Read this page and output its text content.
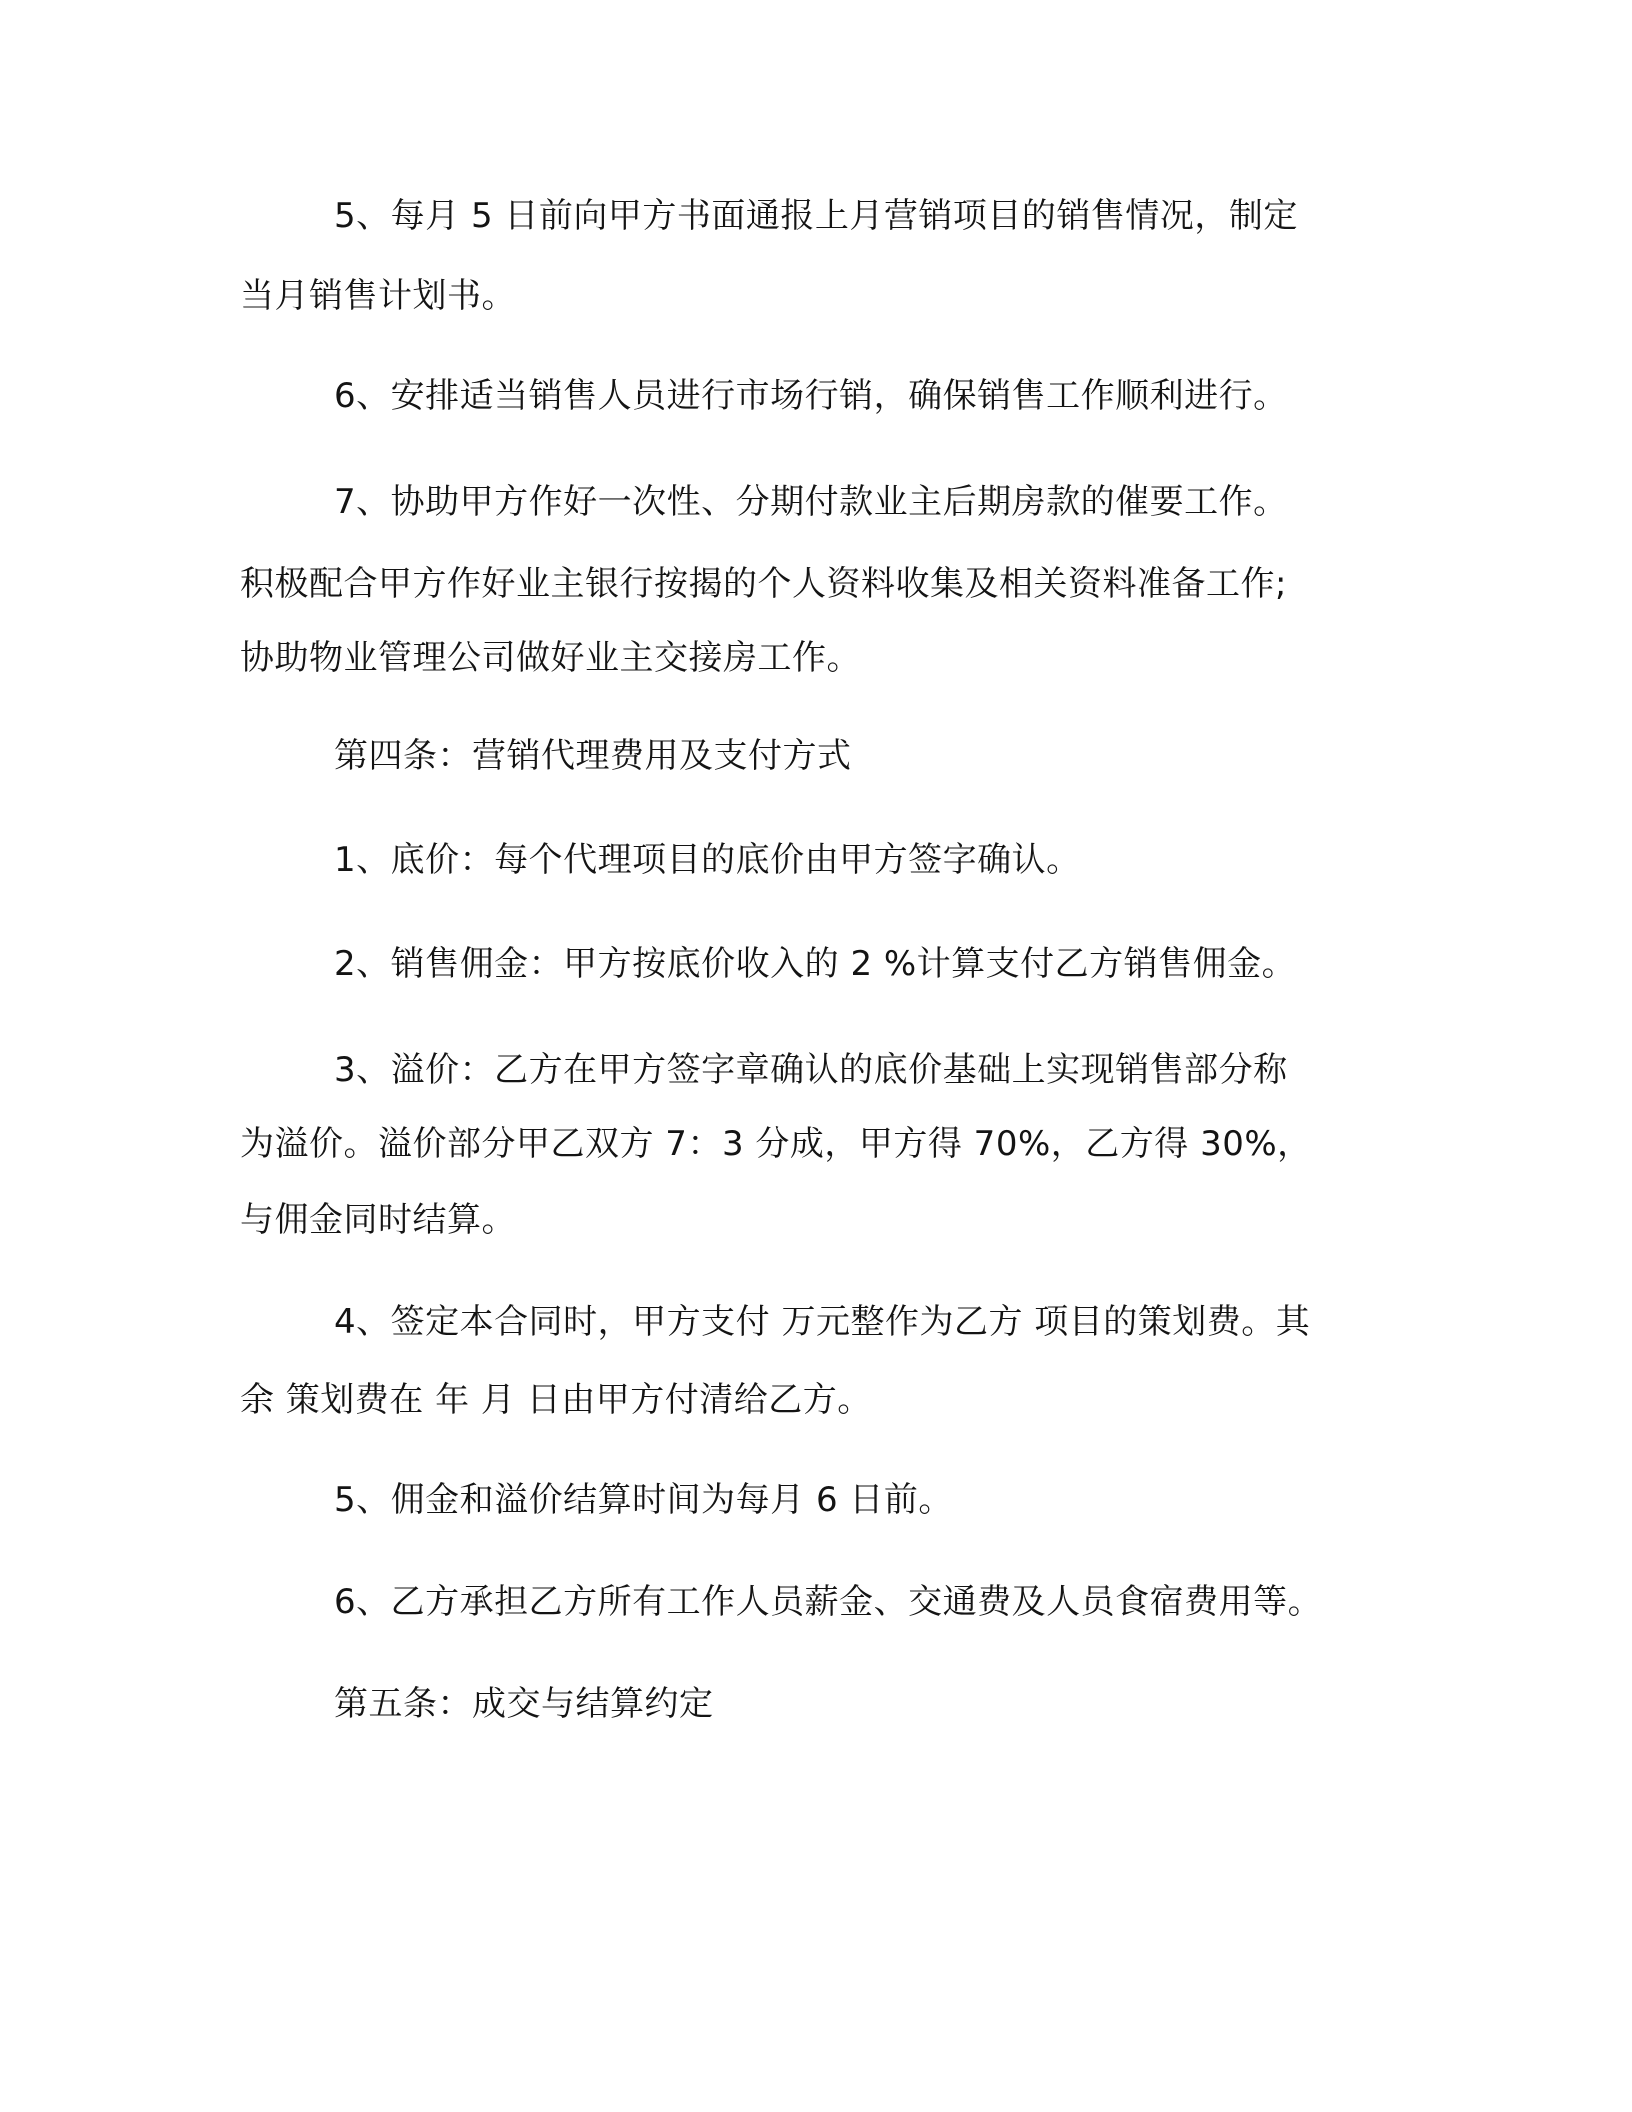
5、每月 5 日前向甲方书面通报上月营销项目的销售情况，制定
当月销售计划书。
6、安排适当销售人员进行市场行销，确保销售工作顺利进行。
7、协助甲方作好一次性、分期付款业主后期房款的催要工作。
积极配合甲方作好业主银行按揭的个人资料收集及相关资料准备工作;
协助物业管理公司做好业主交接房工作。
第四条：营销代理费用及支付方式
1、底价：每个代理项目的底价由甲方签字确认。
2、销售佣金：甲方按底价收入的 2 %计算支付乙方销售佣金。
3、溢价：乙方在甲方签字章确认的底价基础上实现销售部分称
为溢价。溢价部分甲乙双方 7：3 分成，甲方得 70%，乙方得 30%，
与佣金同时结算。
4、签定本合同时，甲方支付 万元整作为乙方 项目的策划费。其
余 策划费在 年 月 日由甲方付清给乙方。
5、佣金和溢价结算时间为每月 6 日前。
6、乙方承担乙方所有工作人员薪金、交通费及人员食宿费用等。
第五条：成交与结算约定
